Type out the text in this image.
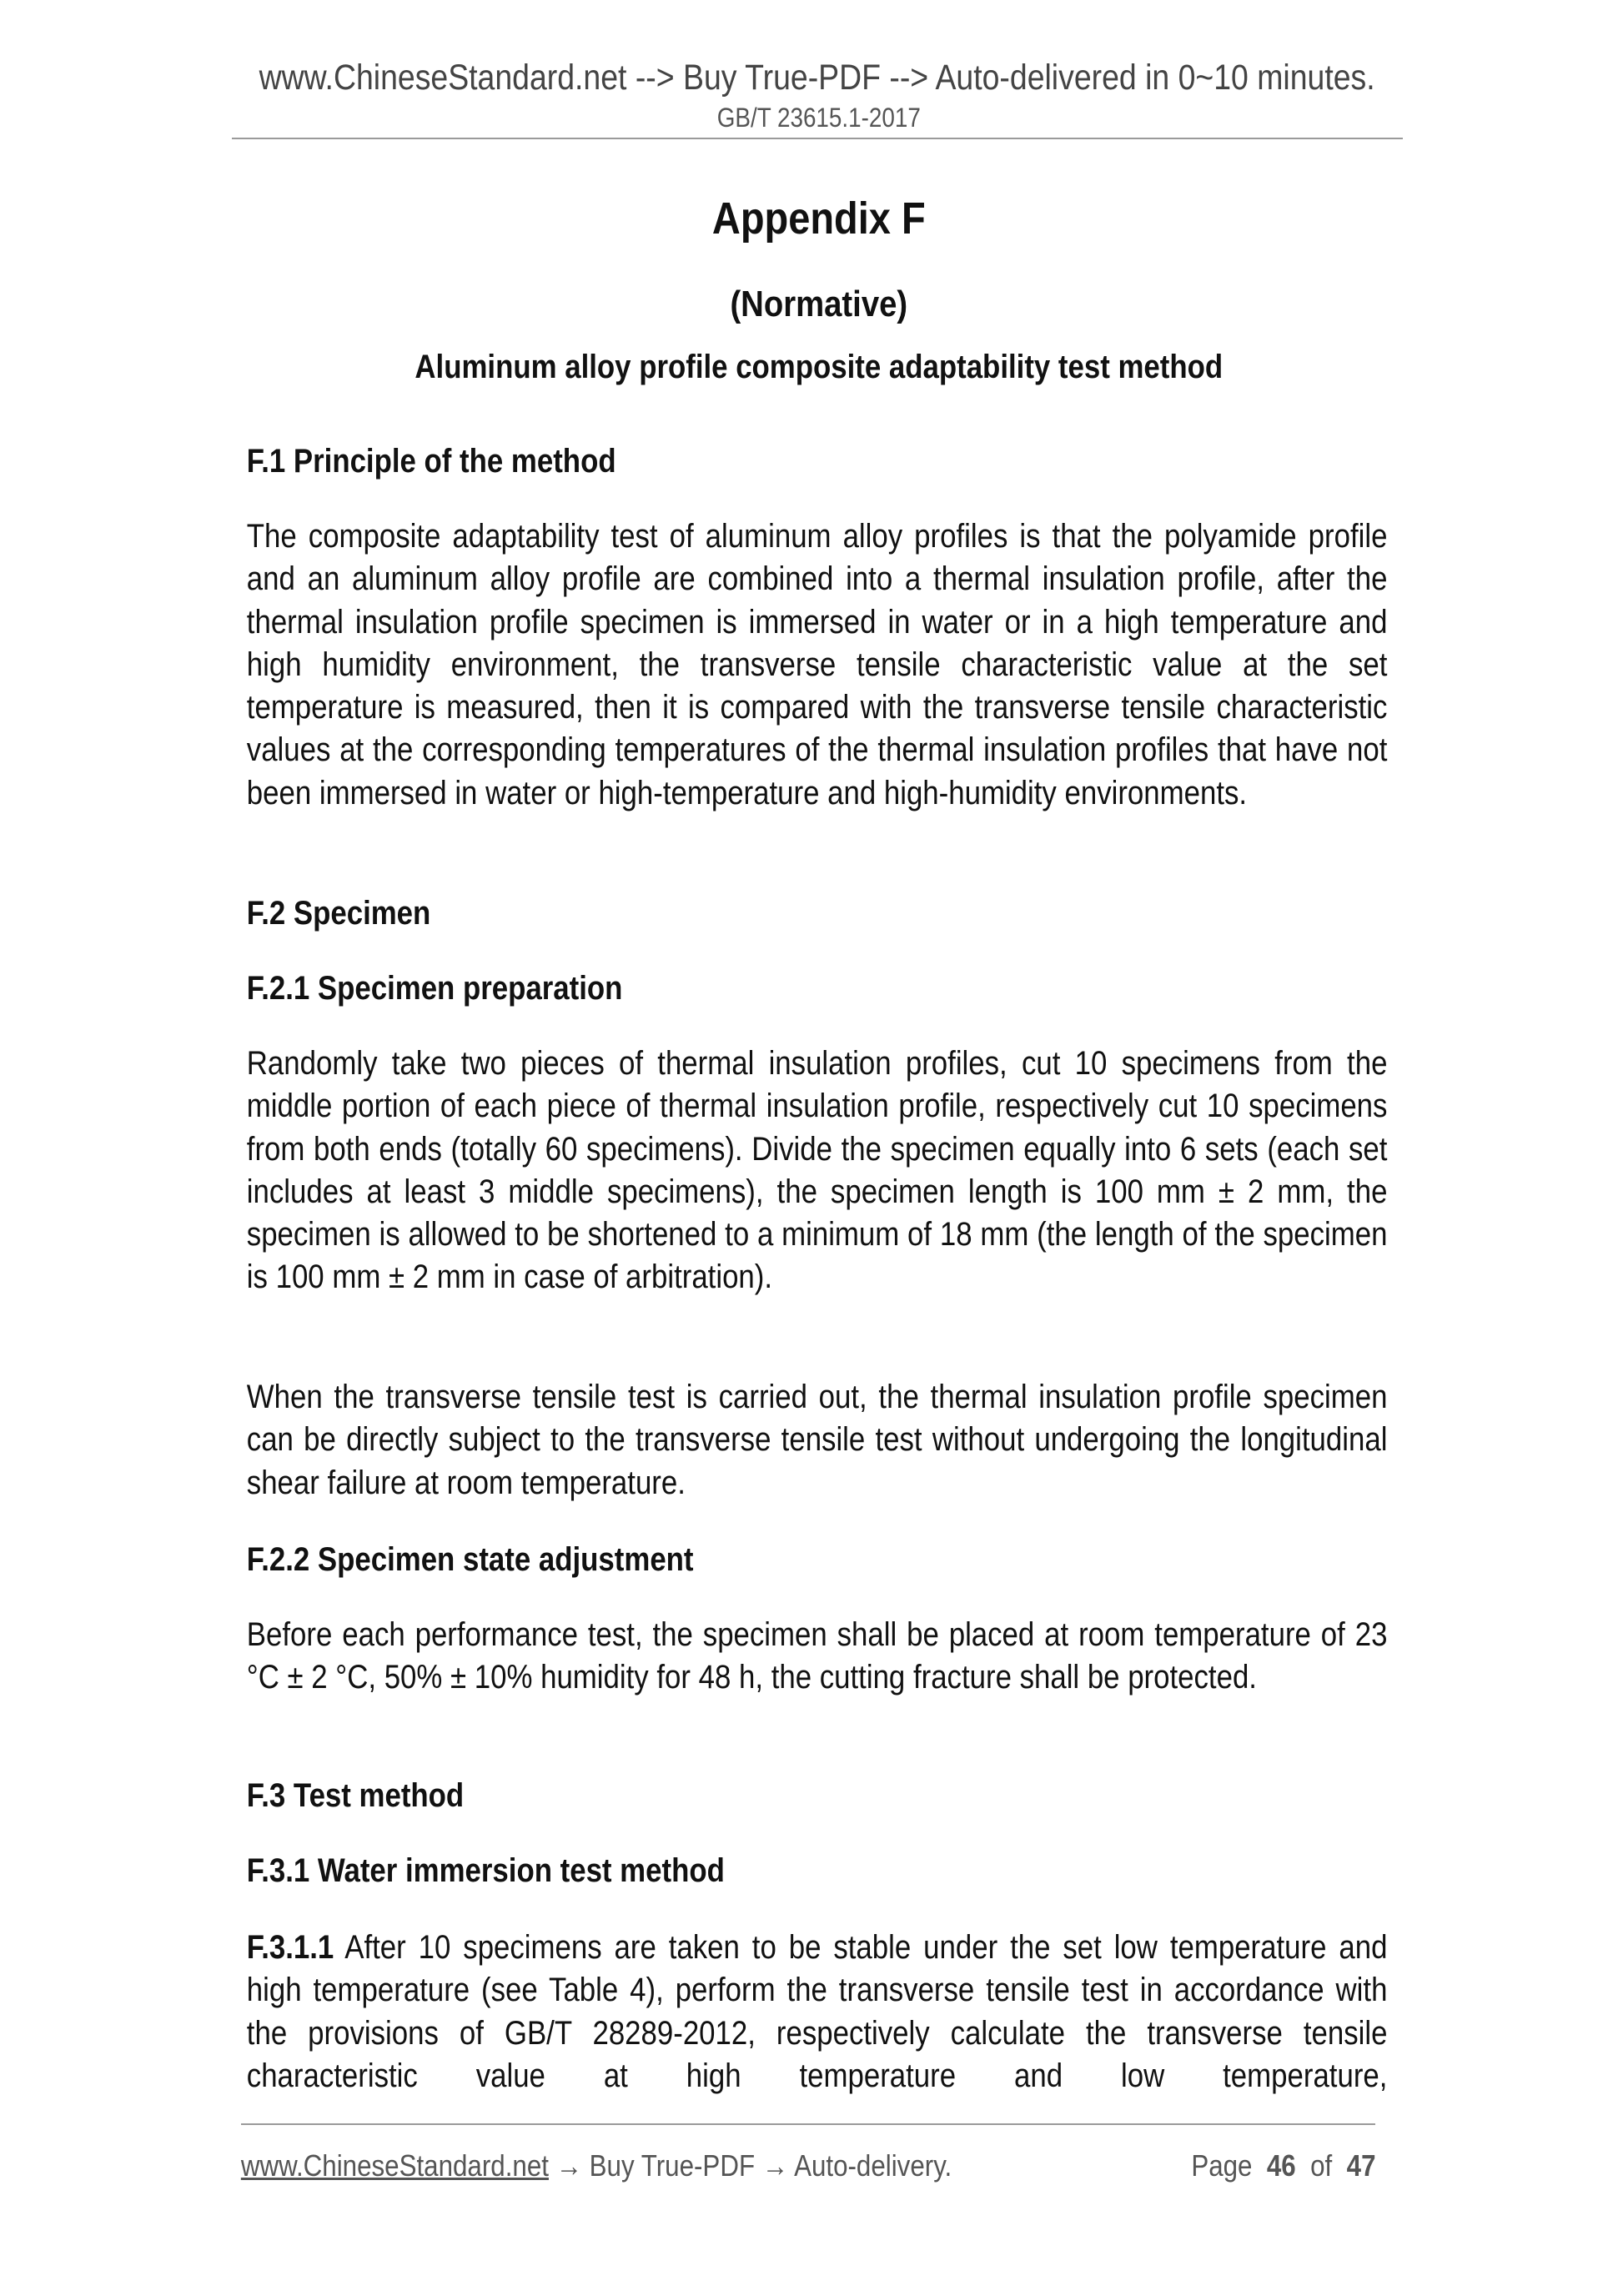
www.ChineseStandard.net --> Buy True-PDF --> Auto-delivered in 0~10 minutes.
GB/T 23615.1-2017
Appendix F
(Normative)
Aluminum alloy profile composite adaptability test method
F.1 Principle of the method
The composite adaptability test of aluminum alloy profiles is that the polyamide profile and an aluminum alloy profile are combined into a thermal insulation profile, after the thermal insulation profile specimen is immersed in water or in a high temperature and high humidity environment, the transverse tensile characteristic value at the set temperature is measured, then it is compared with the transverse tensile characteristic values at the corresponding temperatures of the thermal insulation profiles that have not been immersed in water or high-temperature and high-humidity environments.
F.2 Specimen
F.2.1 Specimen preparation
Randomly take two pieces of thermal insulation profiles, cut 10 specimens from the middle portion of each piece of thermal insulation profile, respectively cut 10 specimens from both ends (totally 60 specimens). Divide the specimen equally into 6 sets (each set includes at least 3 middle specimens), the specimen length is 100 mm ± 2 mm, the specimen is allowed to be shortened to a minimum of 18 mm (the length of the specimen is 100 mm ± 2 mm in case of arbitration).
When the transverse tensile test is carried out, the thermal insulation profile specimen can be directly subject to the transverse tensile test without undergoing the longitudinal shear failure at room temperature.
F.2.2 Specimen state adjustment
Before each performance test, the specimen shall be placed at room temperature of 23 °C ± 2 °C, 50% ± 10% humidity for 48 h, the cutting fracture shall be protected.
F.3 Test method
F.3.1 Water immersion test method
F.3.1.1 After 10 specimens are taken to be stable under the set low temperature and high temperature (see Table 4), perform the transverse tensile test in accordance with the provisions of GB/T 28289-2012, respectively calculate the transverse tensile characteristic value at high temperature and low temperature,
www.ChineseStandard.net → Buy True-PDF → Auto-delivery.	Page 46 of 47
